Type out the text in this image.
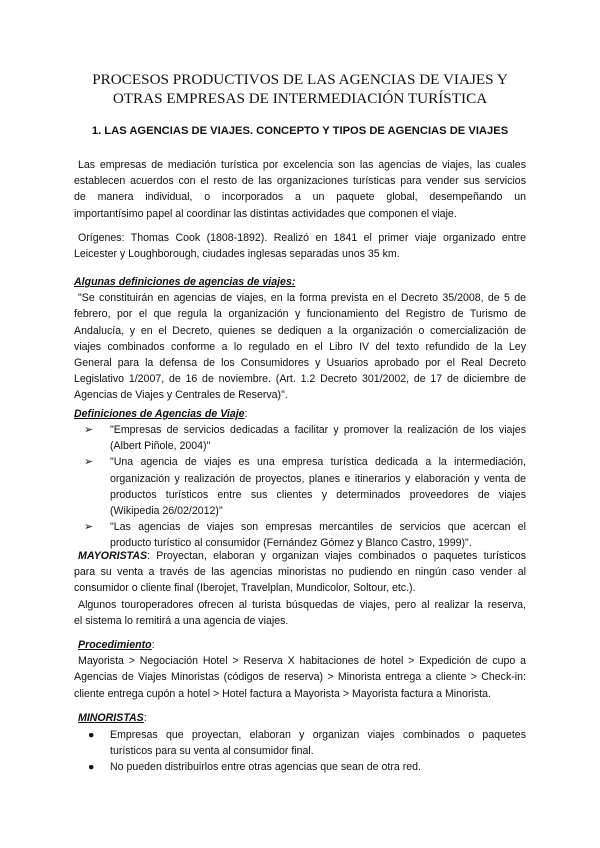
PROCESOS PRODUCTIVOS DE LAS AGENCIAS DE VIAJES Y
OTRAS EMPRESAS DE INTERMEDIACIÓN TURÍSTICA
1. LAS AGENCIAS DE VIAJES. CONCEPTO Y TIPOS DE AGENCIAS DE VIAJES
Las empresas de mediación turística por excelencia son las agencias de viajes, las cuales
establecen acuerdos con el resto de las organizaciones turísticas para vender sus servicios
de manera individual, o incorporados a un paquete global, desempeñando un
importantísimo papel al coordinar las distintas actividades que componen el viaje.
Orígenes: Thomas Cook (1808-1892). Realizó en 1841 el primer viaje organizado entre
Leicester y Loughborough, ciudades inglesas separadas unos 35 km.
Algunas definiciones de agencias de viajes:
"Se constituirán en agencias de viajes, en la forma prevista en el Decreto 35/2008, de 5 de
febrero, por el que regula la organización y funcionamiento del Registro de Turismo de
Andalucía, y en el Decreto, quienes se dediquen a la organización o comercialización de
viajes combinados conforme a lo regulado en el Libro IV del texto refundido de la Ley
General para la defensa de los Consumidores y Usuarios aprobado por el Real Decreto
Legislativo 1/2007, de 16 de noviembre. (Art. 1.2 Decreto 301/2002, de 17 de diciembre de
Agencias de Viajes y Centrales de Reserva)".
Definiciones de Agencias de Viaje:
➢ "Empresas de servicios dedicadas a facilitar y promover la realización de los viajes
(Albert Piñole, 2004)"
➢ "Una agencia de viajes es una empresa turística dedicada a la intermediación,
organización y realización de proyectos, planes e itinerarios y elaboración y venta de
productos turísticos entre sus clientes y determinados proveedores de viajes
(Wikipedia 26/02/2012)"
➢ "Las agencias de viajes son empresas mercantiles de servicios que acercan el
producto turístico al consumidor (Fernández Gómez y Blanco Castro, 1999)".
MAYORISTAS: Proyectan, elaboran y organizan viajes combinados o paquetes turísticos
para su venta a través de las agencias minoristas no pudiendo en ningún caso vender al
consumidor o cliente final (Iberojet, Travelplan, Mundicolor, Soltour, etc.).
Algunos touroperadores ofrecen al turista búsquedas de viajes, pero al realizar la reserva,
el sistema lo remitirá a una agencia de viajes.
Procedimiento:
Mayorista > Negociación Hotel > Reserva X habitaciones de hotel > Expedición de cupo a
Agencias de Viajes Minoristas (códigos de reserva) > Minorista entrega a cliente > Check-in:
cliente entrega cupón a hotel > Hotel factura a Mayorista > Mayorista factura a Minorista.
MINORISTAS:
● Empresas que proyectan, elaboran y organizan viajes combinados o paquetes
turísticos para su venta al consumidor final.
● No pueden distribuirlos entre otras agencias que sean de otra red.
